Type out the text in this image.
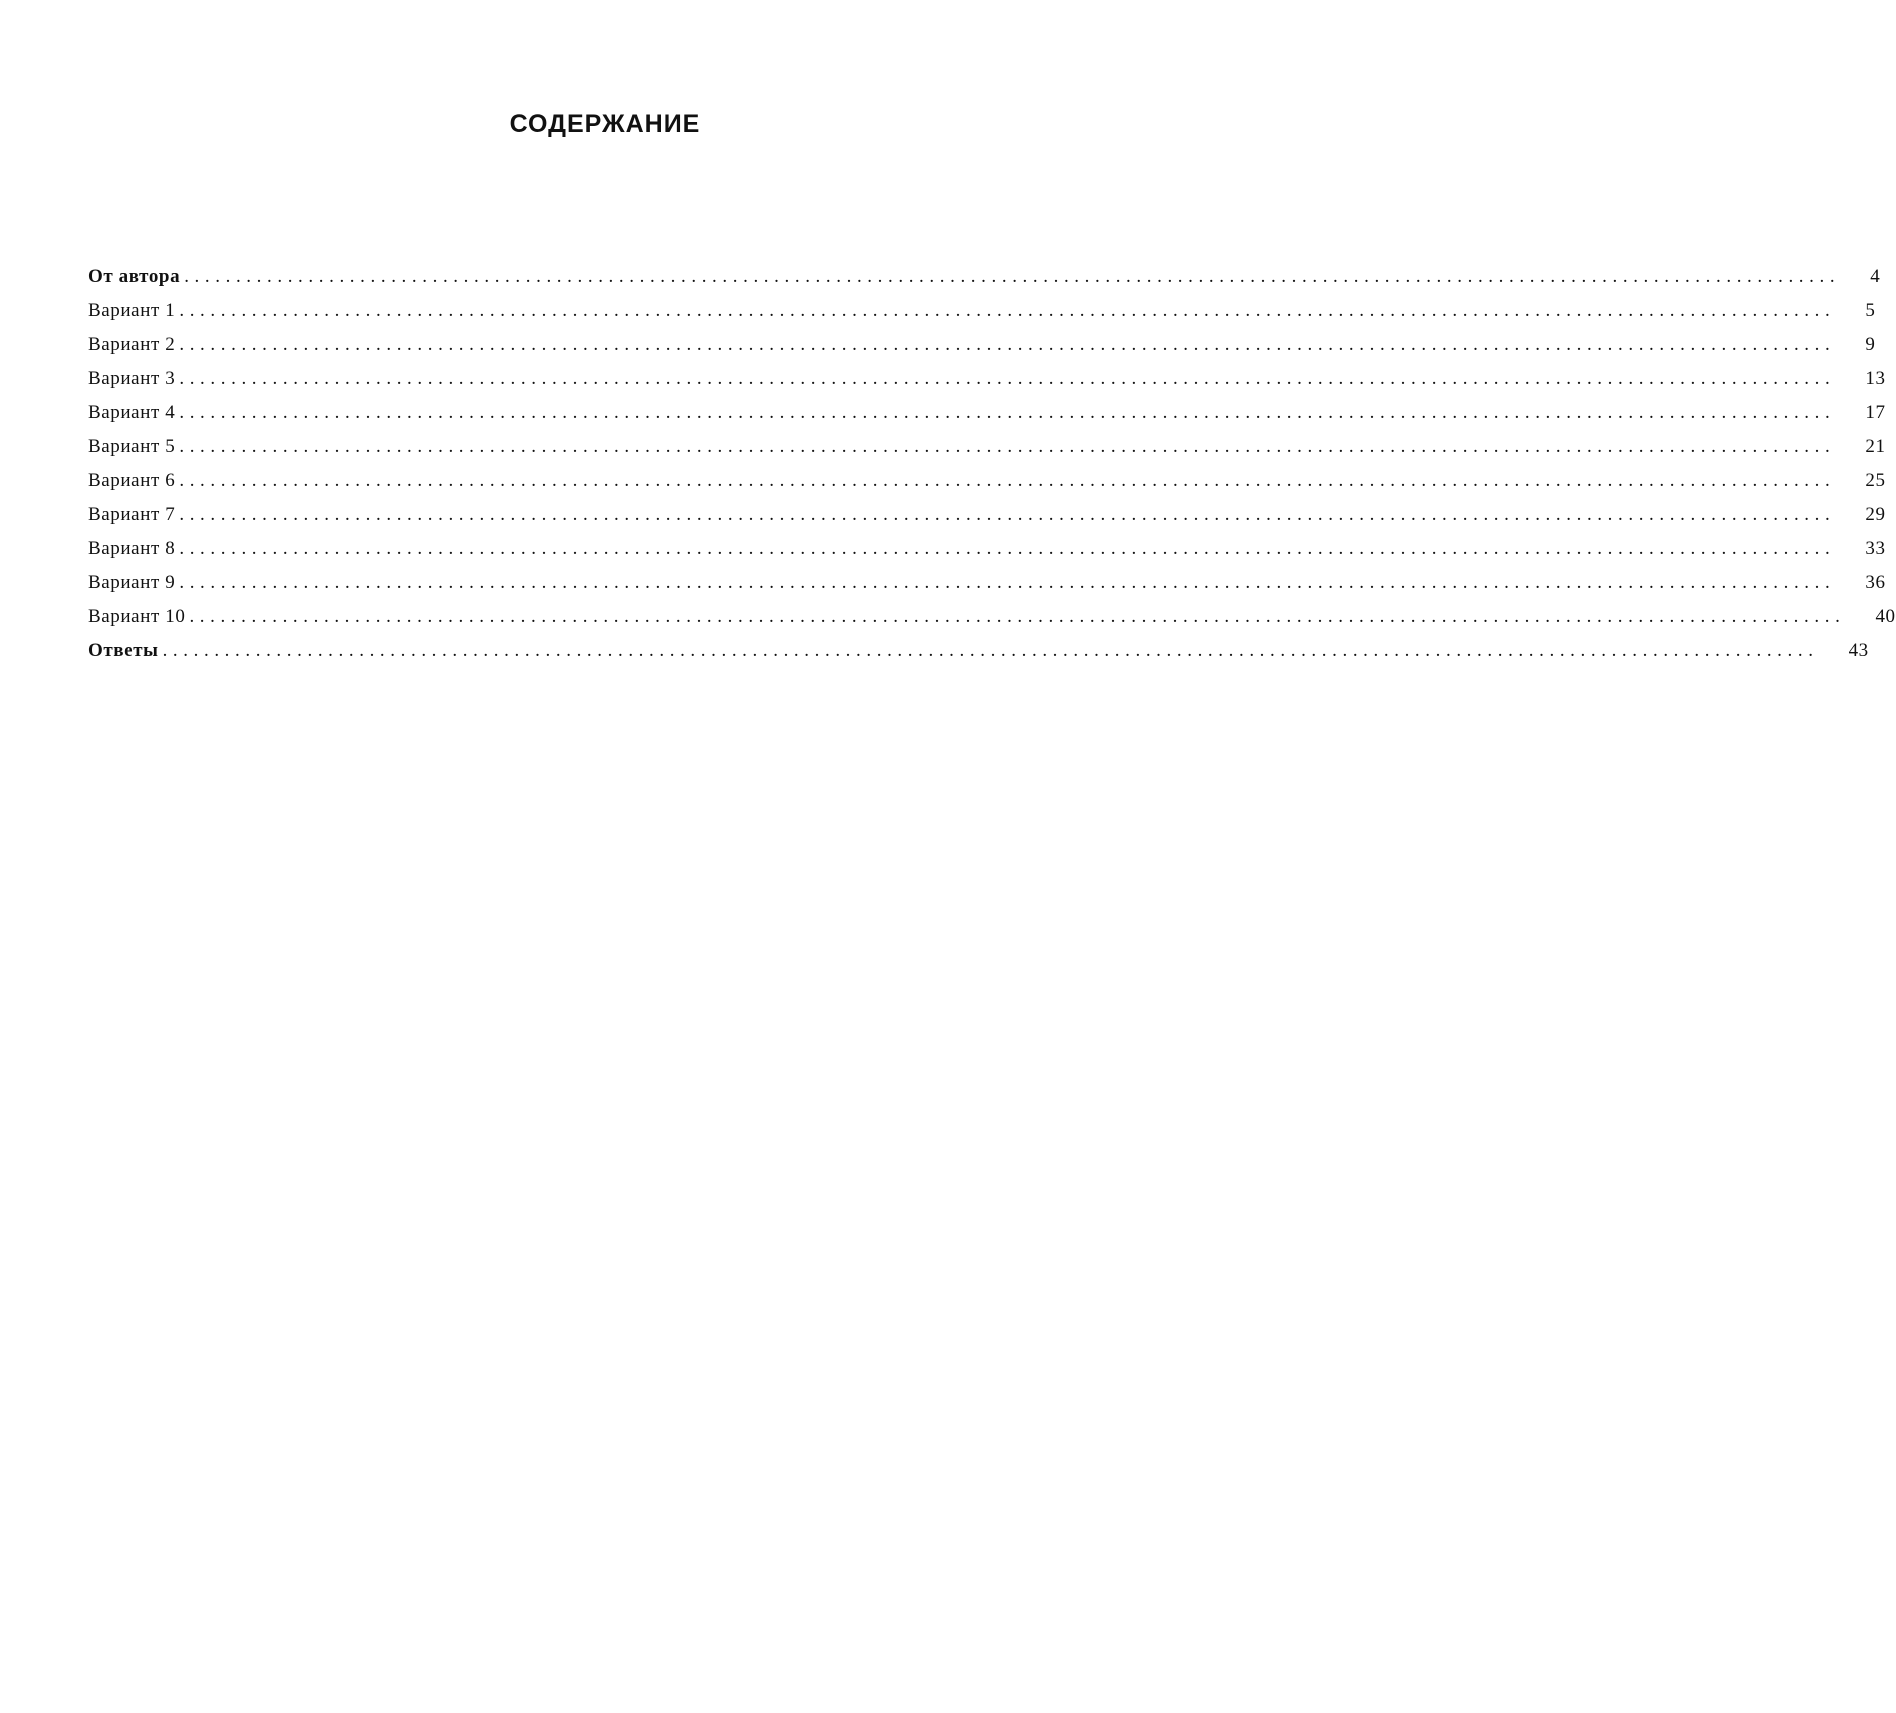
СОДЕРЖАНИЕ
От автора ................................................................................................................................................................ 4
Вариант 1 ................................................................................................................................................................ 5
Вариант 2 ................................................................................................................................................................ 9
Вариант 3 ................................................................................................................................................................ 13
Вариант 4 ................................................................................................................................................................ 17
Вариант 5 ................................................................................................................................................................ 21
Вариант 6 ................................................................................................................................................................ 25
Вариант 7 ................................................................................................................................................................ 29
Вариант 8 ................................................................................................................................................................ 33
Вариант 9 ................................................................................................................................................................ 36
Вариант 10 ................................................................................................................................................................ 40
Ответы ................................................................................................................................................................ 43
